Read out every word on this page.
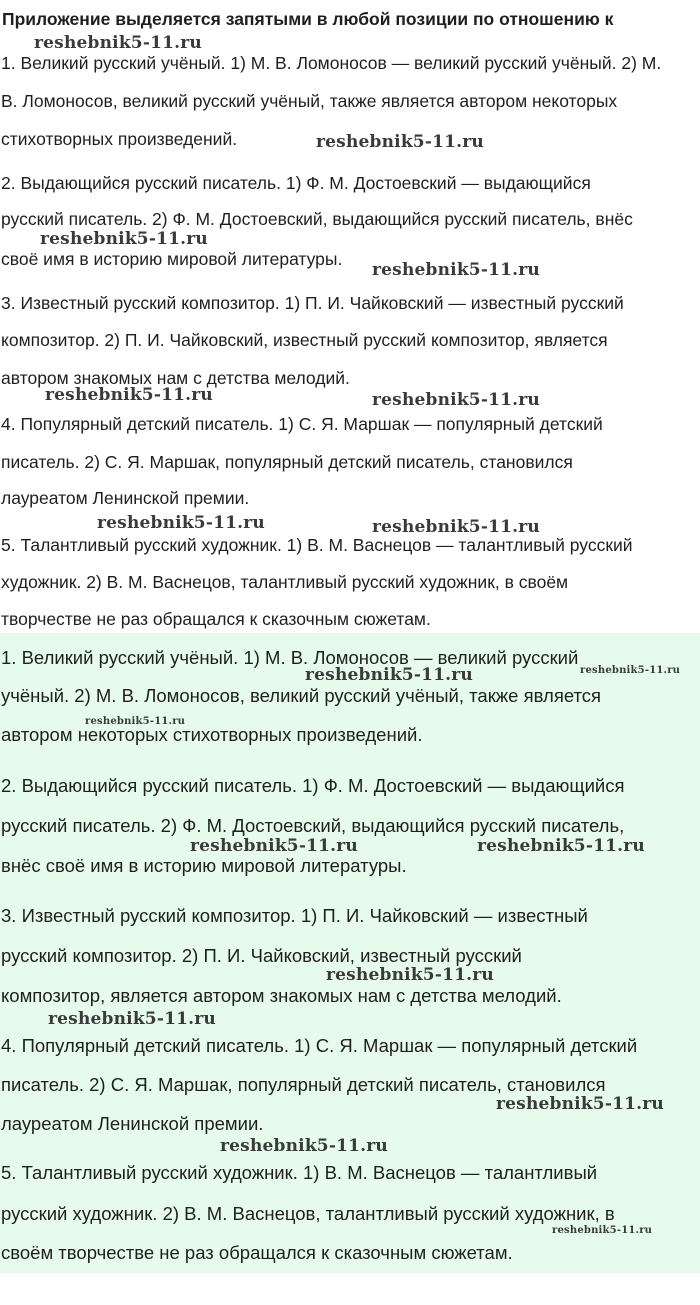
Приложение выделяется запятыми в любой позиции по отношению к
1. Великий русский учёный. 1) М. В. Ломоносов — великий русский учёный. 2) М.
В. Ломоносов, великий русский учёный, также является автором некоторых
стихотворных произведений.
2. Выдающийся русский писатель. 1) Ф. М. Достоевский — выдающийся
русский писатель. 2) Ф. М. Достоевский, выдающийся русский писатель, внёс
своё имя в историю мировой литературы.
3. Известный русский композитор. 1) П. И. Чайковский — известный русский
композитор. 2) П. И. Чайковский, известный русский композитор, является
автором знакомых нам с детства мелодий.
4. Популярный детский писатель. 1) С. Я. Маршак — популярный детский
писатель. 2) С. Я. Маршак, популярный детский писатель, становился
лауреатом Ленинской премии.
5. Талантливый русский художник. 1) В. М. Васнецов — талантливый русский
художник. 2) В. М. Васнецов, талантливый русский художник, в своём
творчестве не раз обращался к сказочным сюжетам.
1. Великий русский учёный. 1) М. В. Ломоносов — великий русский
учёный. 2) М. В. Ломоносов, великий русский учёный, также является
автором некоторых стихотворных произведений.
2. Выдающийся русский писатель. 1) Ф. М. Достоевский — выдающийся
русский писатель. 2) Ф. М. Достоевский, выдающийся русский писатель,
внёс своё имя в историю мировой литературы.
3. Известный русский композитор. 1) П. И. Чайковский — известный
русский композитор. 2) П. И. Чайковский, известный русский
композитор, является автором знакомых нам с детства мелодий.
4. Популярный детский писатель. 1) С. Я. Маршак — популярный детский
писатель. 2) С. Я. Маршак, популярный детский писатель, становился
лауреатом Ленинской премии.
5. Талантливый русский художник. 1) В. М. Васнецов — талантливый
русский художник. 2) В. М. Васнецов, талантливый русский художник, в
своём творчестве не раз обращался к сказочным сюжетам.
reshebnik5-11.ru
reshebnik5-11.ru
reshebnik5-11.ru
reshebnik5-11.ru
reshebnik5-11.ru	reshebnik5-11.ru
reshebnik5-11.ru	reshebnik5-11.ru
reshebnik5-11.ru	reshebnik5-11.ru
reshebnik5-11.ru
reshebnik5-11.ru	reshebnik5-11.ru
reshebnik5-11.ru
reshebnik5-11.ru
reshebnik5-11.ru
reshebnik5-11.ru
reshebnik5-11.ru
